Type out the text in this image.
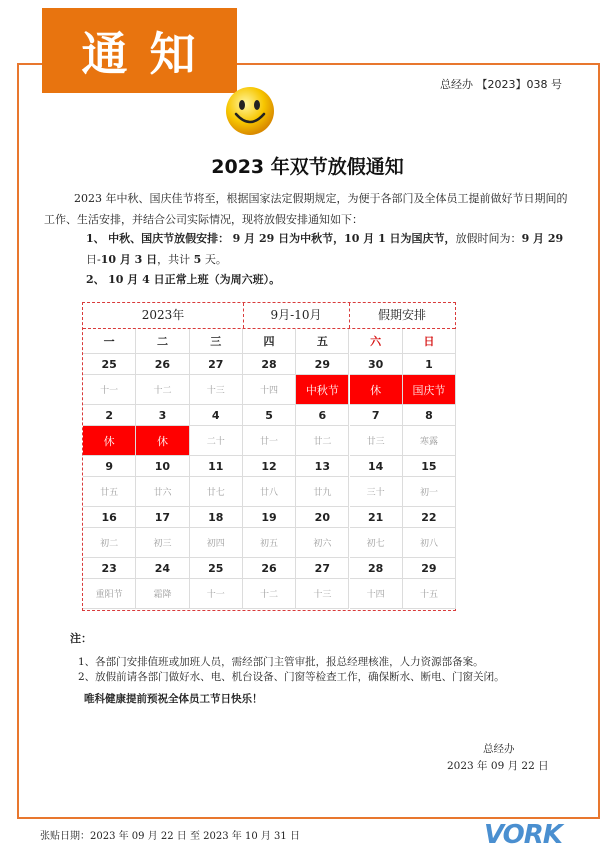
通知
总经办 【2023】038 号
2023 年双节放假通知
2023 年中秋、国庆佳节将至，根据国家法定假期规定，为便于各部门及全体员工提前做好节日期间的工作、生活安排，并结合公司实际情况，现将放假安排通知如下：
1、 中秋、国庆节放假安排： 9 月 29 日为中秋节，10 月 1 日为国庆节，放假时间为：9 月 29 日-10 月 3 日，共计 5 天。
2、 10 月 4 日正常上班（为周六班）。
2023年	9月-10月	假期安排
一	二	三	四	五	六	日
25	26	27	28	29	30	1
十一	十二	十三	十四	中秋节	休	国庆节
2	3	4	5	6	7	8
休	休	二十	廿一	廿二	廿三	寒露
9	10	11	12	13	14	15
廿五	廿六	廿七	廿八	廿九	三十	初一
16	17	18	19	20	21	22
初二	初三	初四	初五	初六	初七	初八
23	24	25	26	27	28	29
重阳节	霜降	十一	十二	十三	十四	十五
注：
1、各部门安排值班或加班人员，需经部门主管审批，报总经理核准，人力资源部备案。
2、放假前请各部门做好水、电、机台设备、门窗等检查工作，确保断水、断电、门窗关闭。
唯科健康提前预祝全体员工节日快乐！
总经办
2023 年 09 月 22 日
张贴日期：2023 年 09 月 22 日 至 2023 年 10 月 31 日	VORK
